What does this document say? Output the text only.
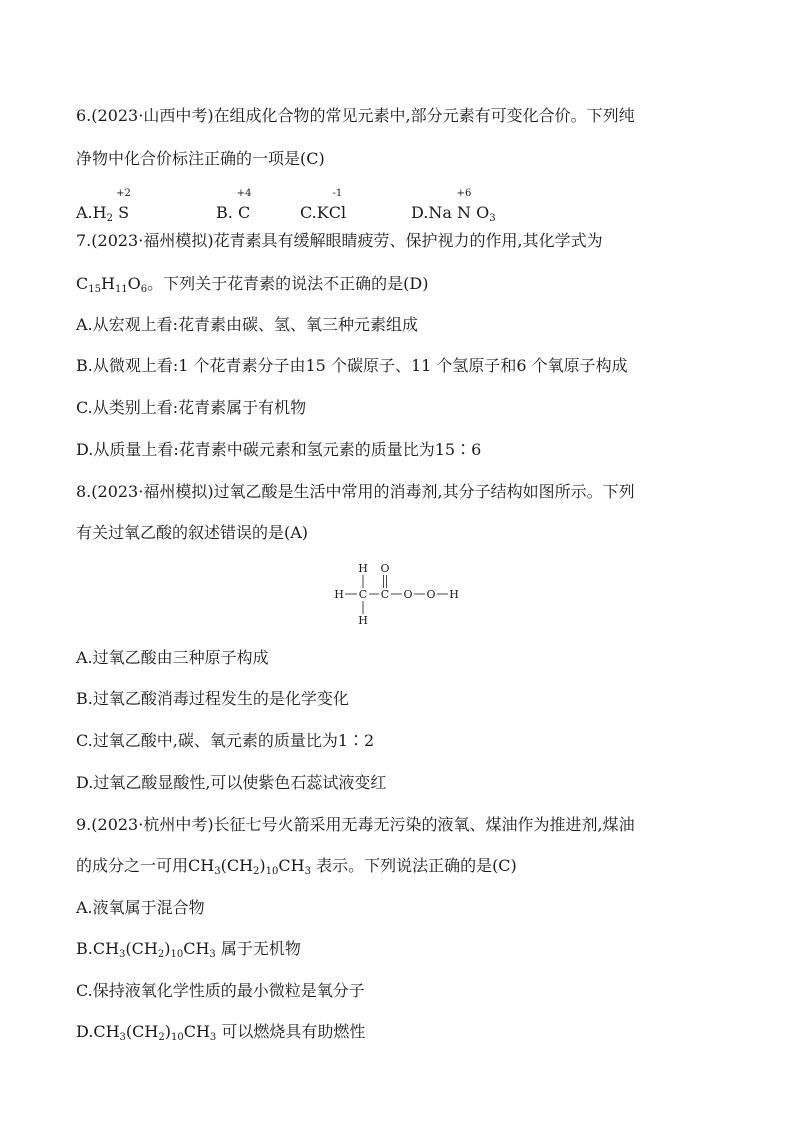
6.(2023·山西中考)在组成化合物的常见元素中,部分元素有可变化合价。下列纯
净物中化合价标注正确的一项是(C)
$A.H_2$
+2
S	B.
+4
C	C.K
-1
Cl	D.Na
+6
N $O_3$
7.(2023·福州模拟)花青素具有缓解眼睛疲劳、保护视力的作用,其化学式为
$C_{15}H_{11}O_6$。下列关于花青素的说法不正确的是(D)
A.从宏观上看:花青素由碳、氢、氧三种元素组成
B.从微观上看:1 个花青素分子由15 个碳原子、11 个氢原子和6 个氧原子构成
C.从类别上看:花青素属于有机物
D.从质量上看:花青素中碳元素和氢元素的质量比为15∶6
8.(2023·福州模拟)过氧乙酸是生活中常用的消毒剂,其分子结构如图所示。下列
有关过氧乙酸的叙述错误的是(A)
H
C
H
H	C
O
O O H
A.过氧乙酸由三种原子构成
B.过氧乙酸消毒过程发生的是化学变化
C.过氧乙酸中,碳、氧元素的质量比为1∶2
D.过氧乙酸显酸性,可以使紫色石蕊试液变红
9.(2023·杭州中考)长征七号火箭采用无毒无污染的液氧、煤油作为推进剂,煤油
的成分之一可用$CH_3(CH_2)_{10}CH_3$ 表示。下列说法正确的是(C)
A.液氧属于混合物
$B.CH_3(CH_2)_{10}CH_3$ 属于无机物
C.保持液氧化学性质的最小微粒是氧分子
$D.CH_3(CH_2)_{10}CH_3$ 可以燃烧具有助燃性
